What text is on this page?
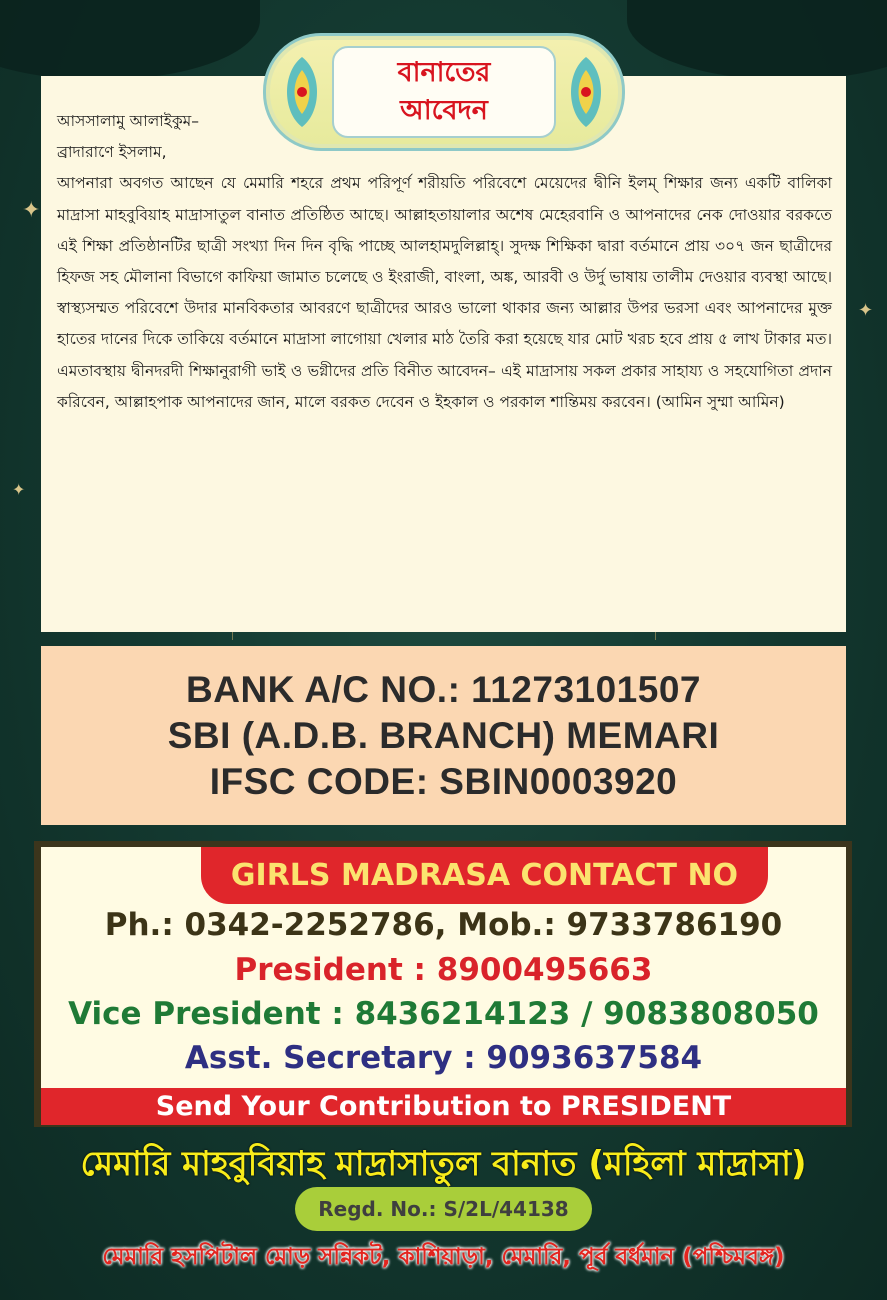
✦
✦
✦

আসসালামু আলাইকুম–

ব্রাদারাণে ইসলাম,

আপনারা অবগত আছেন যে মেমারি শহরে প্রথম পরিপূর্ণ শরীয়তি পরিবেশে মেয়েদের দ্বীনি ইলম্ শিক্ষার জন্য একটি বালিকা মাদ্রাসা মাহবুবিয়াহ মাদ্রাসাতুল বানাত প্রতিষ্ঠিত আছে। আল্লাহতায়ালার অশেষ মেহেরবানি ও আপনাদের নেক দোওয়ার বরকতে এই শিক্ষা প্রতিষ্ঠানটির ছাত্রী সংখ্যা দিন দিন বৃদ্ধি পাচ্ছে আলহামদুলিল্লাহ্। সুদক্ষ শিক্ষিকা দ্বারা বর্তমানে প্রায় ৩০৭ জন ছাত্রীদের হিফজ সহ মৌলানা বিভাগে কাফিয়া জামাত চলেছে ও ইংরাজী, বাংলা, অঙ্ক, আরবী ও উর্দু ভাষায় তালীম দেওয়ার ব্যবস্থা আছে। স্বাস্থ্যসম্মত পরিবেশে উদার মানবিকতার আবরণে ছাত্রীদের আরও ভালো থাকার জন্য আল্লার উপর ভরসা এবং আপনাদের মুক্ত হাতের দানের দিকে তাকিয়ে বর্তমানে মাদ্রাসা লাগোয়া খেলার মাঠ তৈরি করা হয়েছে যার মোট খরচ হবে প্রায় ৫ লাখ টাকার মত। এমতাবস্থায় দ্বীনদরদী শিক্ষানুরাগী ভাই ও ভগ্নীদের প্রতি বিনীত আবেদন– এই মাদ্রাসায় সকল প্রকার সাহায্য ও সহযোগিতা প্রদান করিবেন, আল্লাহপাক আপনাদের জান, মালে বরকত দেবেন ও ইহকাল ও পরকাল শান্তিময় করবেন। (আমিন সুম্মা আমিন)

বানাতের
আবেদন
BANK A/C NO.: 11273101507
SBI (A.D.B. BRANCH) MEMARI
IFSC CODE: SBIN0003920
GIRLS MADRASA CONTACT NO
Ph.: 0342-2252786, Mob.: 9733786190
President : 8900495663
Vice President : 8436214123 / 9083808050
Asst. Secretary : 9093637584
Send Your Contribution to PRESIDENT
মেমারি মাহবুবিয়াহ মাদ্রাসাতুল বানাত (মহিলা মাদ্রাসা)
Regd. No.: S/2L/44138
মেমারি হসপিটাল মোড় সন্নিকট, কাশিয়াড়া, মেমারি, পূর্ব বর্ধমান (পশ্চিমবঙ্গ)
